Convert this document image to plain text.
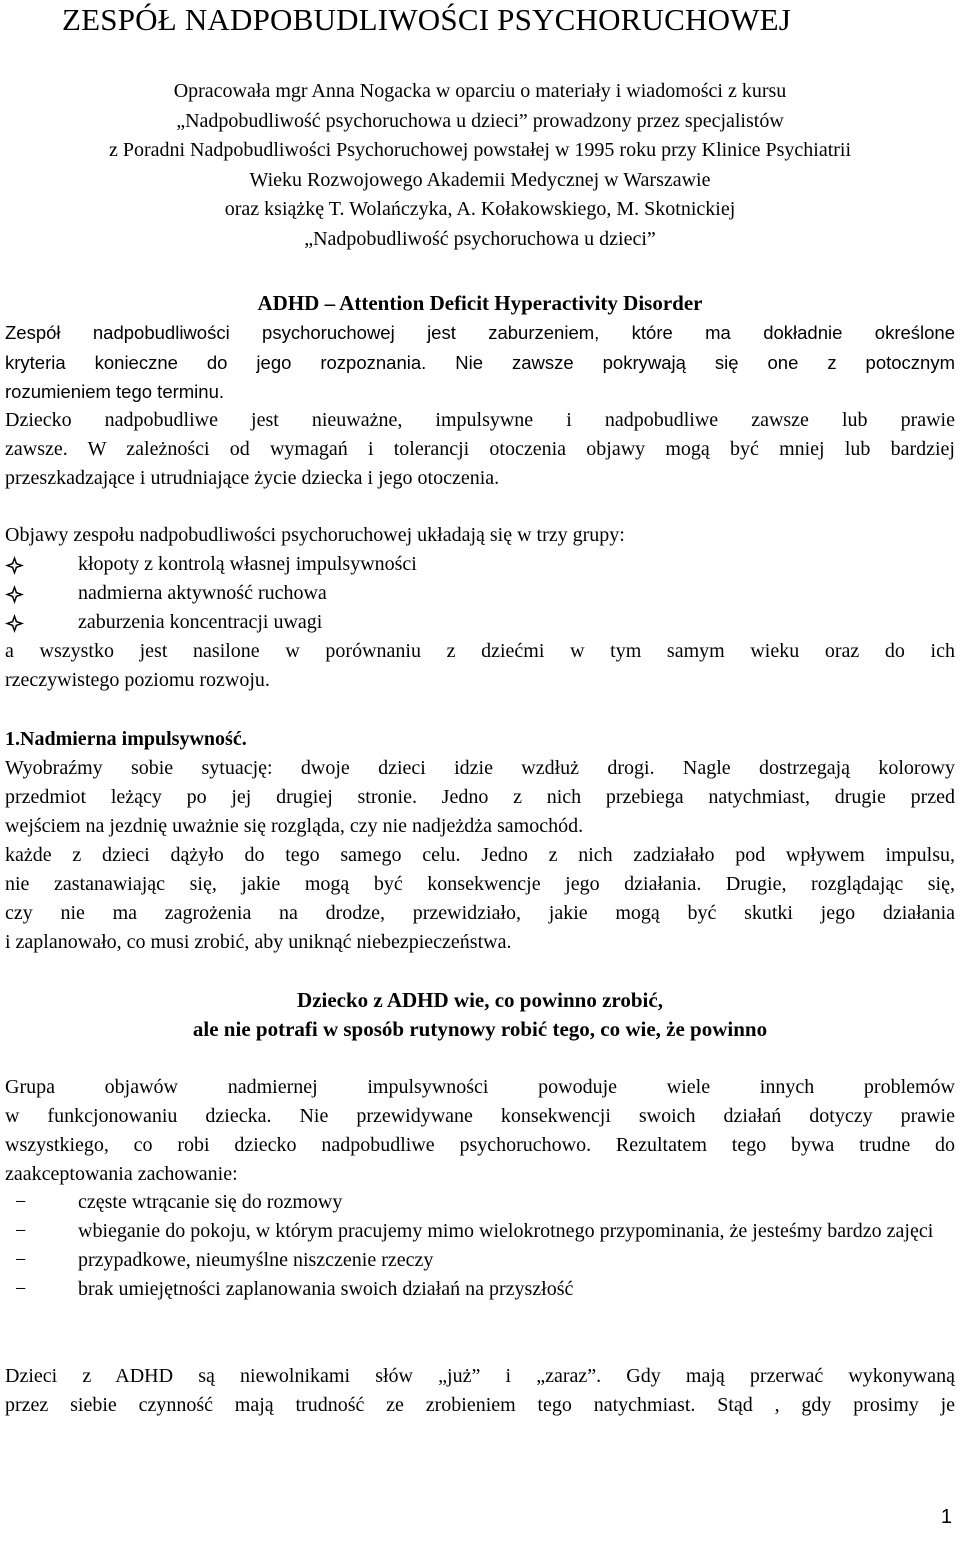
ZESPÓŁ NADPOBUDLIWOŚCI PSYCHORUCHOWEJ
Opracowała mgr Anna Nogacka w oparciu o materiały i wiadomości z kursu
„Nadpobudliwość psychoruchowa u dzieci” prowadzony przez specjalistów
z Poradni Nadpobudliwości Psychoruchowej powstałej w 1995 roku przy Klinice Psychiatrii
Wieku Rozwojowego Akademii Medycznej w Warszawie
oraz książkę T. Wolańczyka, A. Kołakowskiego, M. Skotnickiej
„Nadpobudliwość psychoruchowa u dzieci”
ADHD – Attention Deficit Hyperactivity Disorder

Zespół nadpobudliwości psychoruchowej jest zaburzeniem, które ma dokładnie określone
kryteria konieczne do jego rozpoznania. Nie zawsze pokrywają się one z potocznym
rozumieniem tego terminu.

Dziecko nadpobudliwe jest nieuważne, impulsywne i nadpobudliwe zawsze lub prawie
zawsze. W zależności od wymagań i tolerancji otoczenia objawy mogą być mniej lub bardziej
przeszkadzające i utrudniające życie dziecka i jego otoczenia.

Objawy zespołu nadpobudliwości psychoruchowej układają się w trzy grupy:

kłopoty z kontrolą własnej impulsywności
nadmierna aktywność ruchowa
zaburzenia koncentracji uwagi

a wszystko jest nasilone w porównaniu z dziećmi w tym samym wieku oraz do ich
rzeczywistego poziomu rozwoju.

1.Nadmierna impulsywność.

Wyobraźmy sobie sytuację: dwoje dzieci idzie wzdłuż drogi. Nagle dostrzegają kolorowy
przedmiot leżący po jej drugiej stronie. Jedno z nich przebiega natychmiast, drugie przed
wejściem na jezdnię uważnie się rozgląda, czy nie nadjeżdża samochód.
każde z dzieci dążyło do tego samego celu. Jedno z nich zadziałało pod wpływem impulsu,
nie zastanawiając się, jakie mogą być konsekwencje jego działania. Drugie, rozglądając się,
czy nie ma zagrożenia na drodze, przewidziało, jakie mogą być skutki jego działania
i zaplanowało, co musi zrobić, aby uniknąć niebezpieczeństwa.

Dziecko z ADHD wie, co powinno zrobić,
ale nie potrafi w sposób rutynowy robić tego, co wie, że powinno

Grupa objawów nadmiernej impulsywności powoduje wiele innych problemów
w funkcjonowaniu dziecka. Nie przewidywane konsekwencji swoich działań dotyczy prawie
wszystkiego, co robi dziecko nadpobudliwe psychoruchowo. Rezultatem tego bywa trudne do
zaakceptowania zachowanie:

−	częste wtrącanie się do rozmowy
−	wbieganie do pokoju, w którym pracujemy mimo wielokrotnego przypominania, że jesteśmy bardzo zajęci
−	przypadkowe, nieumyślne niszczenie rzeczy
−	brak umiejętności zaplanowania swoich działań na przyszłość

Dzieci z ADHD są niewolnikami słów „już” i „zaraz”. Gdy mają przerwać wykonywaną
przez siebie czynność mają trudność ze zrobieniem tego natychmiast. Stąd , gdy prosimy je

1
